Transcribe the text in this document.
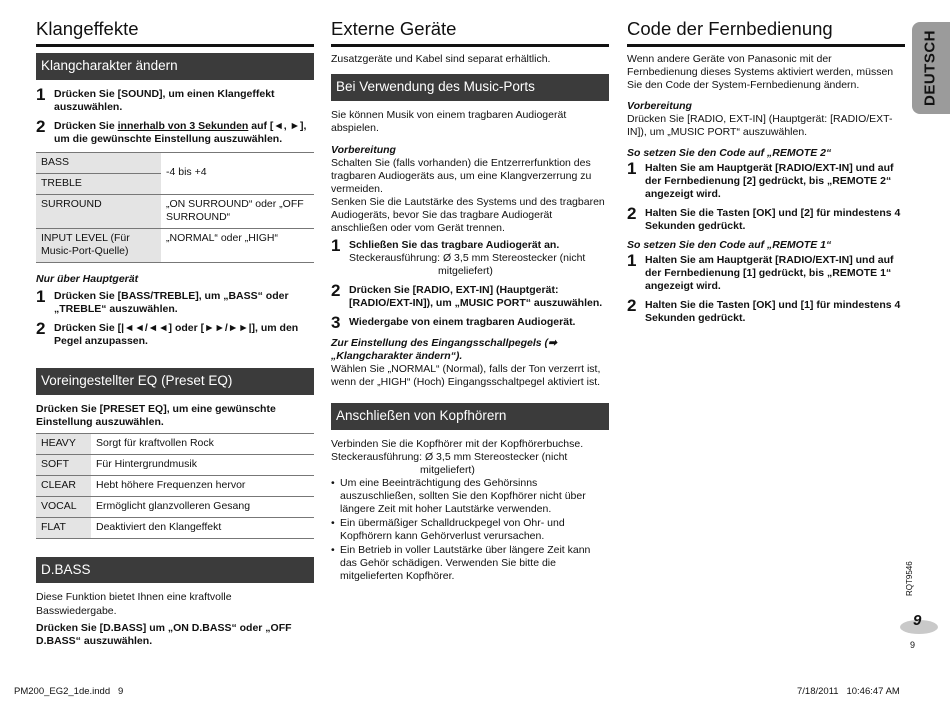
Klangeffekte
Klangcharakter ändern
1 Drücken Sie [SOUND], um einen Klangeffekt auszuwählen.
2 Drücken Sie innerhalb von 3 Sekunden auf [◄, ►], um die gewünschte Einstellung auszuwählen.
BASS	-4 bis +4
TREBLE	
SURROUND	„ON SURROUND“ oder „OFF SURROUND“
INPUT LEVEL (Für Music-Port-Quelle)	„NORMAL“ oder „HIGH“
Nur über Hauptgerät
1 Drücken Sie [BASS/TREBLE], um „BASS“ oder „TREBLE“ auszuwählen.
2 Drücken Sie [|◄◄/◄◄] oder [►►/►►|], um den Pegel anzupassen.
Voreingestellter EQ (Preset EQ)
Drücken Sie [PRESET EQ], um eine gewünschte Einstellung auszuwählen.
HEAVY	Sorgt für kraftvollen Rock
SOFT	Für Hintergrundmusik
CLEAR	Hebt höhere Frequenzen hervor
VOCAL	Ermöglicht glanzvolleren Gesang
FLAT	Deaktiviert den Klangeffekt
D.BASS
Diese Funktion bietet Ihnen eine kraftvolle Basswiedergabe.
Drücken Sie [D.BASS] um „ON D.BASS“ oder „OFF D.BASS“ auszuwählen.
Externe Geräte
Zusatzgeräte und Kabel sind separat erhältlich.
Bei Verwendung des Music-Ports
Sie können Musik von einem tragbaren Audiogerät abspielen.
Vorbereitung
Schalten Sie (falls vorhanden) die Entzerrerfunktion des tragbaren Audiogeräts aus, um eine Klangverzerrung zu vermeiden.
Senken Sie die Lautstärke des Systems und des tragbaren Audiogeräts, bevor Sie das tragbare Audiogerät anschließen oder vom Gerät trennen.
1 Schließen Sie das tragbare Audiogerät an.
Steckerausführung: Ø 3,5 mm Stereostecker (nicht
mitgeliefert)
2 Drücken Sie [RADIO, EXT-IN] (Hauptgerät: [RADIO/EXT-IN]), um „MUSIC PORT“ auszuwählen.
3 Wiedergabe von einem tragbaren Audiogerät.
Zur Einstellung des Eingangsschallpegels (➡ „Klangcharakter ändern“).
Wählen Sie „NORMAL“ (Normal), falls der Ton verzerrt ist, wenn der „HIGH“ (Hoch) Eingangsschaltpegel aktiviert ist.
Anschließen von Kopfhörern
Verbinden Sie die Kopfhörer mit der Kopfhörerbuchse.
Steckerausführung: Ø 3,5 mm Stereostecker (nicht
mitgeliefert)
• Um eine Beeinträchtigung des Gehörsinns auszuschließen, sollten Sie den Kopfhörer nicht über längere Zeit mit hoher Lautstärke verwenden.
• Ein übermäßiger Schalldruckpegel von Ohr- und Kopfhörern kann Gehörverlust verursachen.
• Ein Betrieb in voller Lautstärke über längere Zeit kann das Gehör schädigen. Verwenden Sie bitte die mitgelieferten Kopfhörer.
Code der Fernbedienung
Wenn andere Geräte von Panasonic mit der Fernbedienung dieses Systems aktiviert werden, müssen Sie den Code der System-Fernbedienung ändern.
Vorbereitung
Drücken Sie [RADIO, EXT-IN] (Hauptgerät: [RADIO/EXT-IN]), um „MUSIC PORT“ auszuwählen.
So setzen Sie den Code auf „REMOTE 2“
1 Halten Sie am Hauptgerät [RADIO/EXT-IN] und auf der Fernbedienung [2] gedrückt, bis „REMOTE 2“ angezeigt wird.
2 Halten Sie die Tasten [OK] und [2] für mindestens 4 Sekunden gedrückt.
So setzen Sie den Code auf „REMOTE 1“
1 Halten Sie am Hauptgerät [RADIO/EXT-IN] und auf der Fernbedienung [1] gedrückt, bis „REMOTE 1“ angezeigt wird.
2 Halten Sie die Tasten [OK] und [1] für mindestens 4 Sekunden gedrückt.
DEUTSCH
RQT9546
9
9
PM200_EG2_1de.indd   9	7/18/2011   10:46:47 AM
